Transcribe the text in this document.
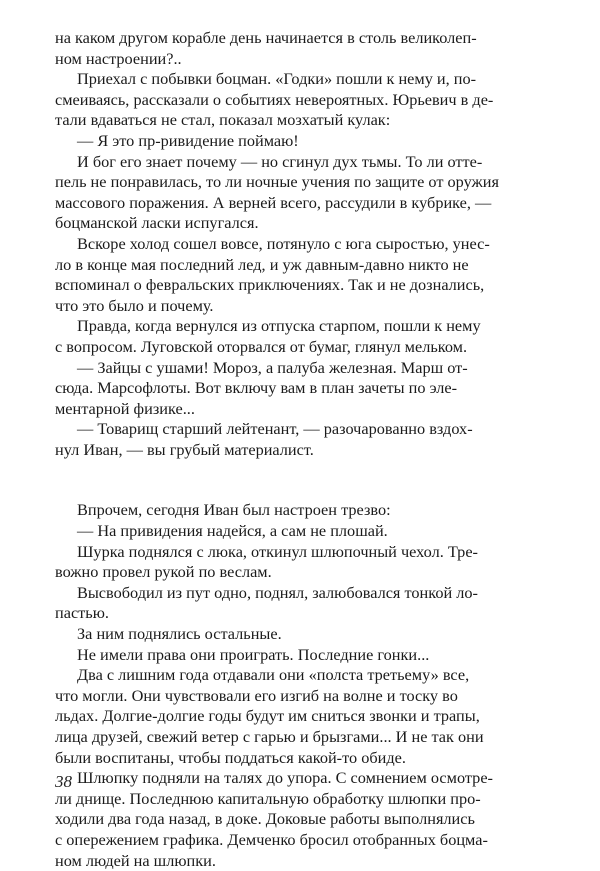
на каком другом корабле день начинается в столь великолеп-

ном настроении?..

Приехал с побывки боцман. «Годки» пошли к нему и, по-

смеиваясь, рассказали о событиях невероятных. Юрьевич в де-

тали вдаваться не стал, показал мозхатый кулак:

— Я это пр-ривидение поймаю!

И бог его знает почему — но сгинул дух тьмы. То ли отте-

пель не понравилась, то ли ночные учения по защите от оружия

массового поражения. А верней всего, рассудили в кубрике, —

боцманской ласки испугался.

Вскоре холод сошел вовсе, потянуло с юга сыростью, унес-

ло в конце мая последний лед, и уж давным-давно никто не

вспоминал о февральских приключениях. Так и не дознались,

что это было и почему.

Правда, когда вернулся из отпуска старпом, пошли к нему

с вопросом. Луговской оторвался от бумаг, глянул мельком.

— Зайцы с ушами! Мороз, а палуба железная. Марш от-

сюда. Марсофлоты. Вот включу вам в план зачеты по эле-

ментарной физике...

— Товарищ старший лейтенант, — разочарованно вздох-

нул Иван, — вы грубый материалист.

Впрочем, сегодня Иван был настроен трезво:

— На привидения надейся, а сам не плошай.

Шурка поднялся с люка, откинул шлюпочный чехол. Тре-

вожно провел рукой по веслам.

Высвободил из пут одно, поднял, залюбовался тонкой ло-

пастью.

За ним поднялись остальные.

Не имели права они проиграть. Последние гонки...

Два с лишним года отдавали они «полста третьему» все,

что могли. Они чувствовали его изгиб на волне и тоску во

льдах. Долгие-долгие годы будут им сниться звонки и трапы,

лица друзей, свежий ветер с гарью и брызгами... И не так они

были воспитаны, чтобы поддаться какой-то обиде.

Шлюпку подняли на талях до упора. С сомнением осмотре-

ли днище. Последнюю капитальную обработку шлюпки про-

ходили два года назад, в доке. Доковые работы выполнялись

с опережением графика. Демченко бросил отобранных боцма-

ном людей на шлюпки.

38
